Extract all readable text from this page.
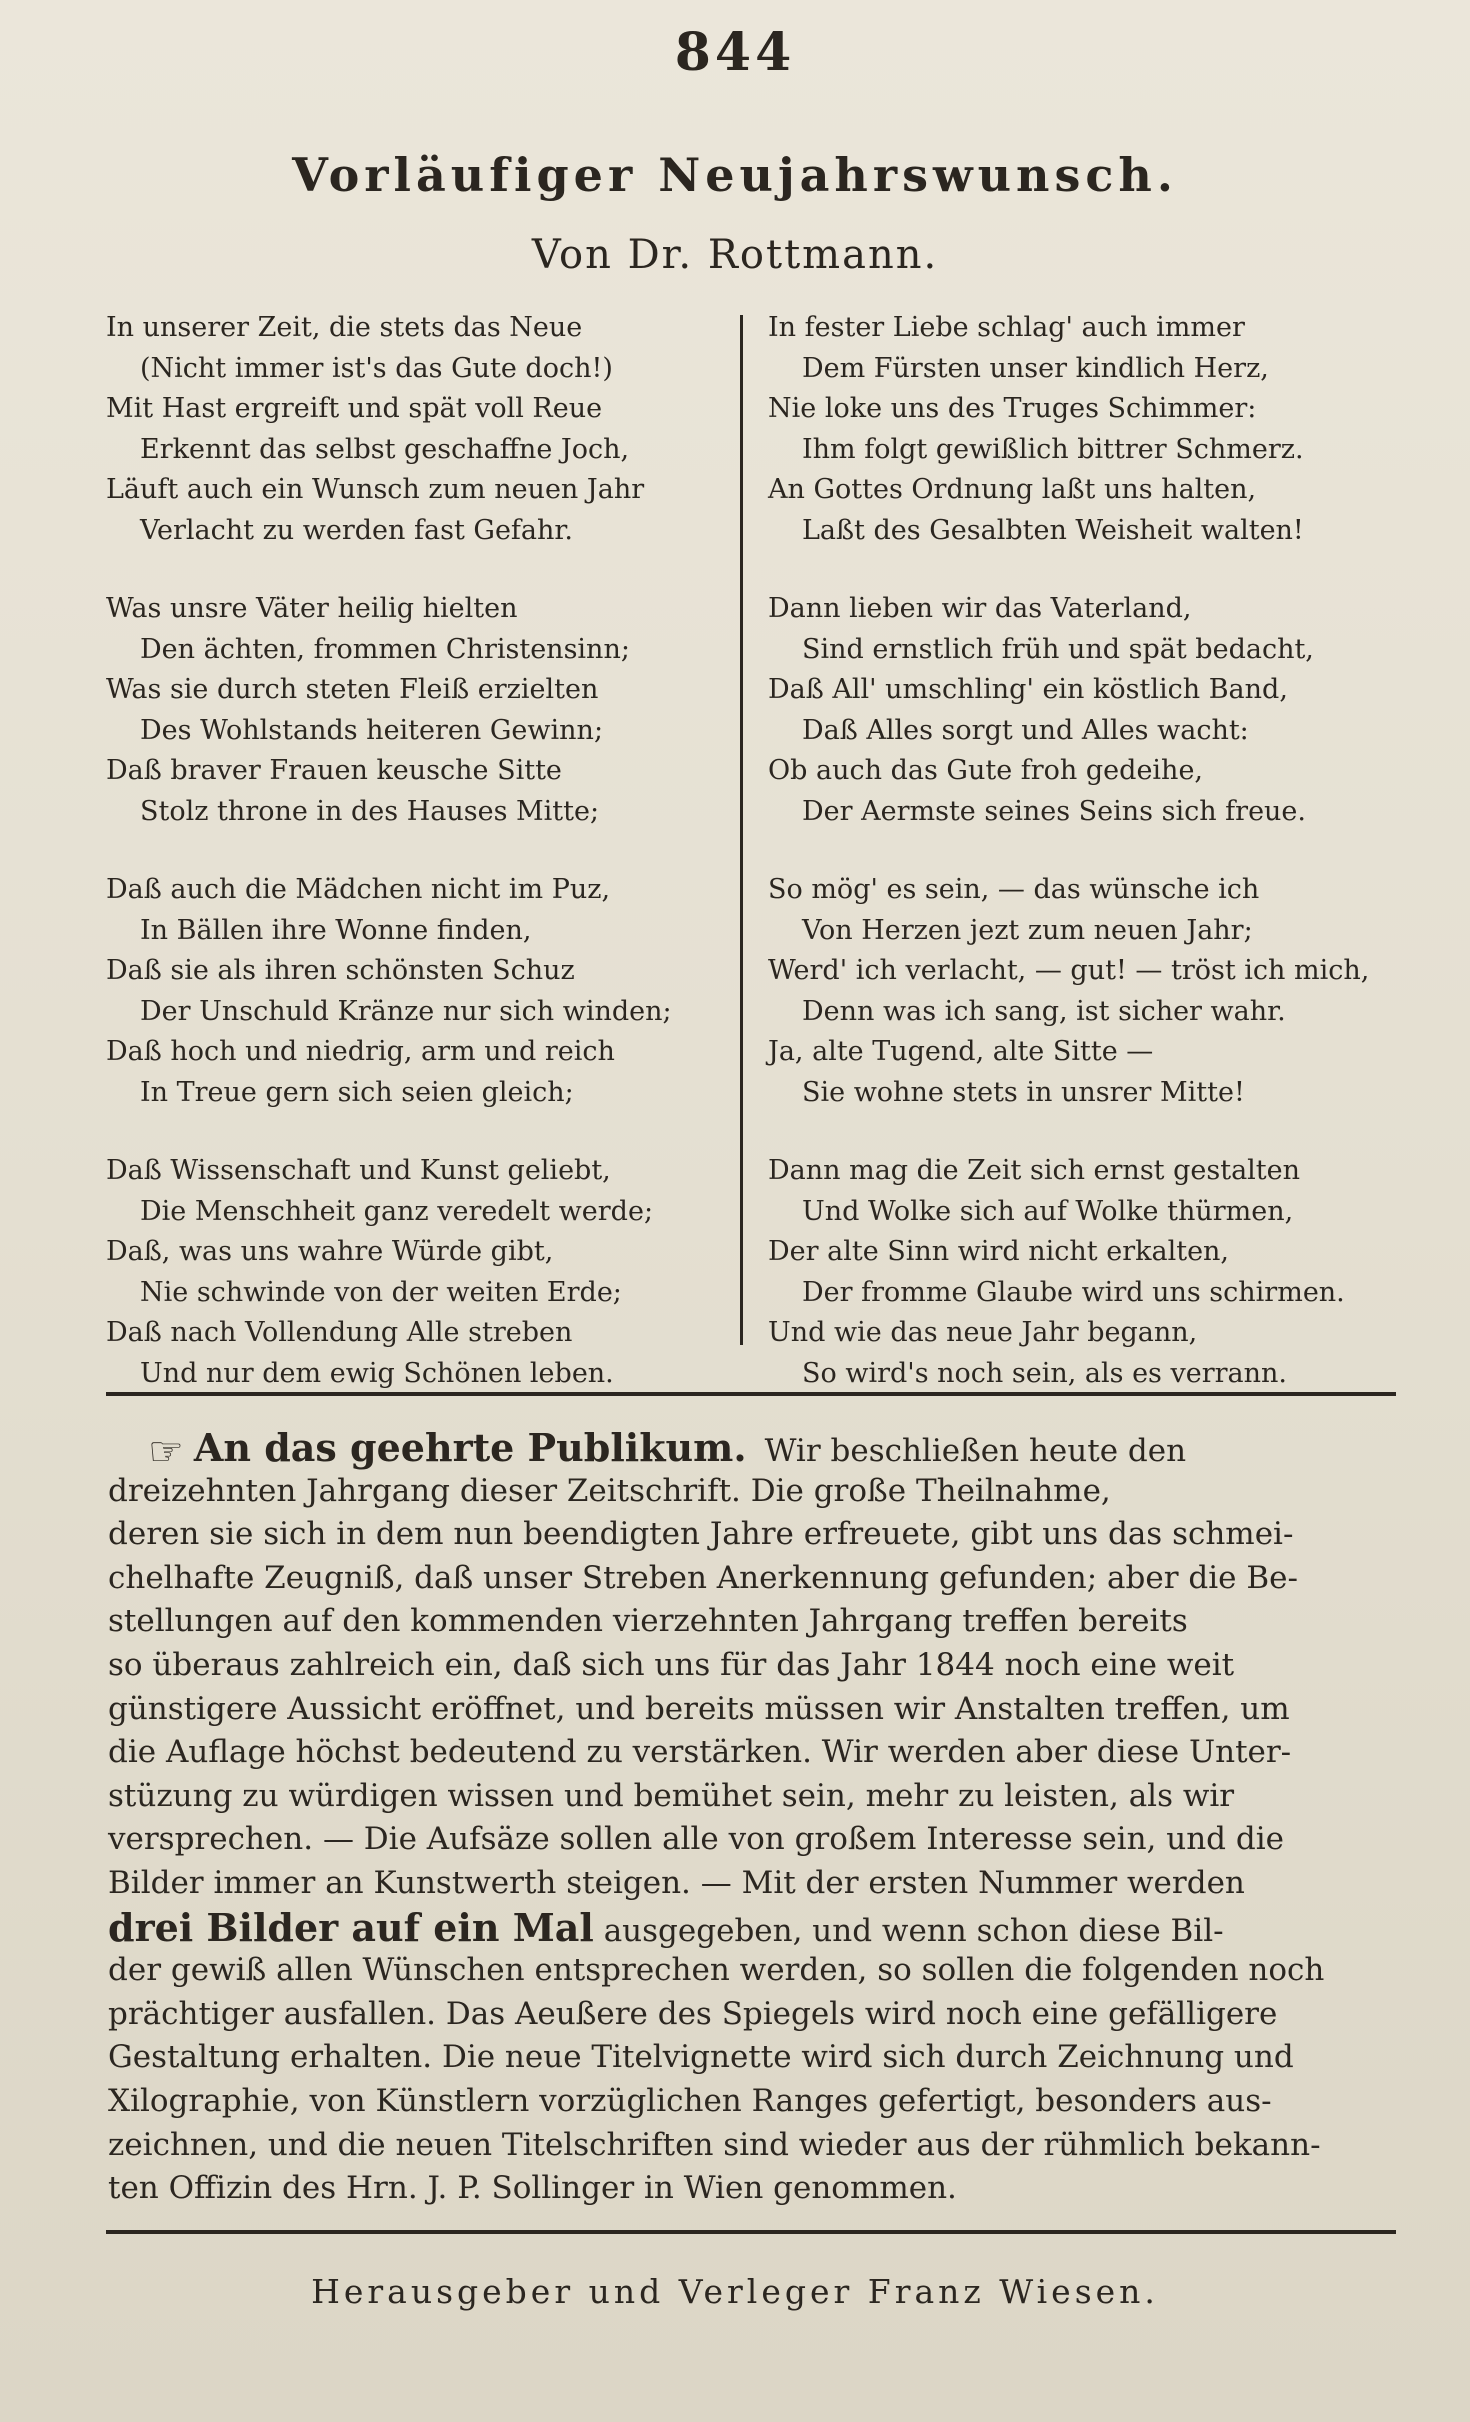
844
Vorläufiger Neujahrswunsch.
Von Dr. Rottmann.
In unserer Zeit, die stets das Neue
(Nicht immer ist's das Gute doch!)
Mit Hast ergreift und spät voll Reue
Erkennt das selbst geschaffne Joch,
Läuft auch ein Wunsch zum neuen Jahr
Verlacht zu werden fast Gefahr.
Was unsre Väter heilig hielten
Den ächten, frommen Christensinn;
Was sie durch steten Fleiß erzielten
Des Wohlstands heiteren Gewinn;
Daß braver Frauen keusche Sitte
Stolz throne in des Hauses Mitte;
Daß auch die Mädchen nicht im Puz,
In Bällen ihre Wonne finden,
Daß sie als ihren schönsten Schuz
Der Unschuld Kränze nur sich winden;
Daß hoch und niedrig, arm und reich
In Treue gern sich seien gleich;
Daß Wissenschaft und Kunst geliebt,
Die Menschheit ganz veredelt werde;
Daß, was uns wahre Würde gibt,
Nie schwinde von der weiten Erde;
Daß nach Vollendung Alle streben
Und nur dem ewig Schönen leben.
In fester Liebe schlag' auch immer
Dem Fürsten unser kindlich Herz,
Nie loke uns des Truges Schimmer:
Ihm folgt gewißlich bittrer Schmerz.
An Gottes Ordnung laßt uns halten,
Laßt des Gesalbten Weisheit walten!
Dann lieben wir das Vaterland,
Sind ernstlich früh und spät bedacht,
Daß All' umschling' ein köstlich Band,
Daß Alles sorgt und Alles wacht:
Ob auch das Gute froh gedeihe,
Der Aermste seines Seins sich freue.
So mög' es sein, — das wünsche ich
Von Herzen jezt zum neuen Jahr;
Werd' ich verlacht, — gut! — tröst ich mich,
Denn was ich sang, ist sicher wahr.
Ja, alte Tugend, alte Sitte —
Sie wohne stets in unsrer Mitte!
Dann mag die Zeit sich ernst gestalten
Und Wolke sich auf Wolke thürmen,
Der alte Sinn wird nicht erkalten,
Der fromme Glaube wird uns schirmen.
Und wie das neue Jahr begann,
So wird's noch sein, als es verrann.
☞ An das geehrte Publikum. Wir beschließen heute den
dreizehnten Jahrgang dieser Zeitschrift. Die große Theilnahme,
deren sie sich in dem nun beendigten Jahre erfreuete, gibt uns das schmei-
chelhafte Zeugniß, daß unser Streben Anerkennung gefunden; aber die Be-
stellungen auf den kommenden vierzehnten Jahrgang treffen bereits
so überaus zahlreich ein, daß sich uns für das Jahr 1844 noch eine weit
günstigere Aussicht eröffnet, und bereits müssen wir Anstalten treffen, um
die Auflage höchst bedeutend zu verstärken. Wir werden aber diese Unter-
stüzung zu würdigen wissen und bemühet sein, mehr zu leisten, als wir
versprechen. — Die Aufsäze sollen alle von großem Interesse sein, und die
Bilder immer an Kunstwerth steigen. — Mit der ersten Nummer werden
drei Bilder auf ein Mal ausgegeben, und wenn schon diese Bil-
der gewiß allen Wünschen entsprechen werden, so sollen die folgenden noch
prächtiger ausfallen. Das Aeußere des Spiegels wird noch eine gefälligere
Gestaltung erhalten. Die neue Titelvignette wird sich durch Zeichnung und
Xilographie, von Künstlern vorzüglichen Ranges gefertigt, besonders aus-
zeichnen, und die neuen Titelschriften sind wieder aus der rühmlich bekann-
ten Offizin des Hrn. J. P. Sollinger in Wien genommen.
Herausgeber und Verleger Franz Wiesen.
